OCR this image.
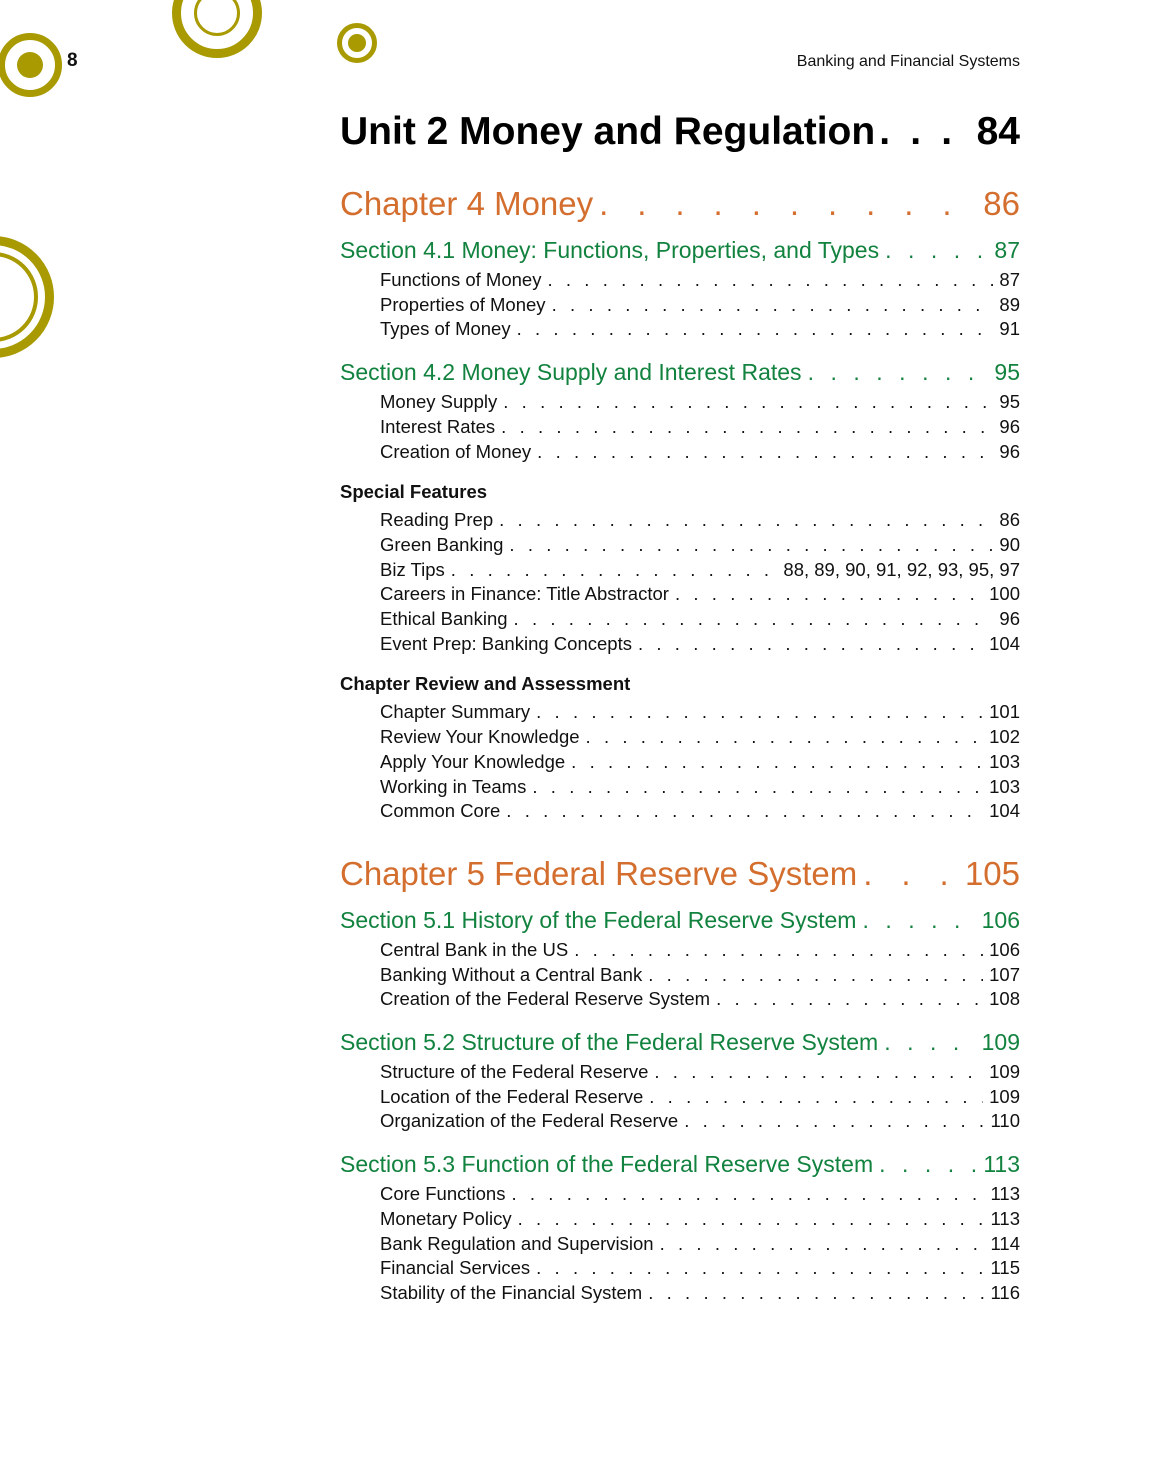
8	Banking and Financial Systems
Unit 2 Money and Regulation . . .	84
Chapter 4 Money . . .	86
Section 4.1 Money: Functions, Properties, and Types . . .	87
Functions of Money . . .	87
Properties of Money . . .	89
Types of Money . . .	91
Section 4.2 Money Supply and Interest Rates . . .	95
Money Supply . . .	95
Interest Rates . . .	96
Creation of Money . . .	96
Special Features
Reading Prep . . .	86
Green Banking . . .	90
Biz Tips . . .	88, 89, 90, 91, 92, 93, 95, 97
Careers in Finance: Title Abstractor . . .	100
Ethical Banking . . .	96
Event Prep: Banking Concepts . . .	104
Chapter Review and Assessment
Chapter Summary . . .	101
Review Your Knowledge . . .	102
Apply Your Knowledge . . .	103
Working in Teams . . .	103
Common Core . . .	104
Chapter 5 Federal Reserve System . . .	105
Section 5.1 History of the Federal Reserve System . . .	106
Central Bank in the US . . .	106
Banking Without a Central Bank . . .	107
Creation of the Federal Reserve System . . .	108
Section 5.2 Structure of the Federal Reserve System . . .	109
Structure of the Federal Reserve . . .	109
Location of the Federal Reserve . . .	109
Organization of the Federal Reserve . . .	110
Section 5.3 Function of the Federal Reserve System . . .	113
Core Functions . . .	113
Monetary Policy . . .	113
Bank Regulation and Supervision . . .	114
Financial Services . . .	115
Stability of the Financial System . . .	116
